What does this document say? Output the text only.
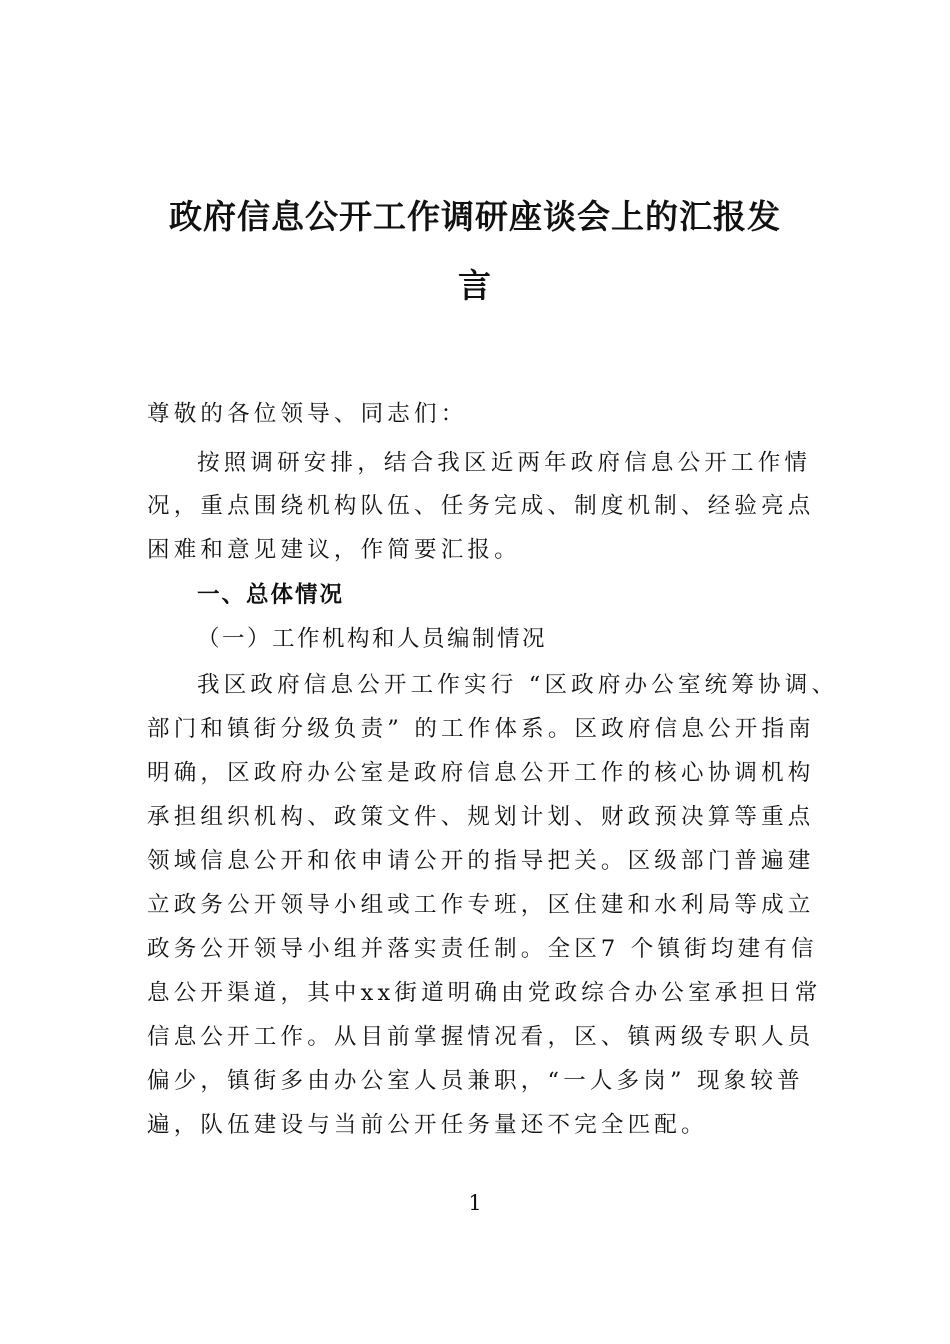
政府信息公开工作调研座谈会上的汇报发
言
尊敬的各位领导、同志们：
按照调研安排，结合我区近两年政府信息公开工作情
况，重点围绕机构队伍、任务完成、制度机制、经验亮点
困难和意见建议，作简要汇报。
一、总体情况
（一）工作机构和人员编制情况
我区政府信息公开工作实行 “区政府办公室统筹协调、
部门和镇街分级负责” 的工作体系。区政府信息公开指南
明确，区政府办公室是政府信息公开工作的核心协调机构
承担组织机构、政策文件、规划计划、财政预决算等重点
领域信息公开和依申请公开的指导把关。区级部门普遍建
立政务公开领导小组或工作专班，区住建和水利局等成立
政务公开领导小组并落实责任制。全区7 个镇街均建有信
息公开渠道，其中xx街道明确由党政综合办公室承担日常
信息公开工作。从目前掌握情况看，区、镇两级专职人员
偏少，镇街多由办公室人员兼职，“一人多岗” 现象较普
遍，队伍建设与当前公开任务量还不完全匹配。
1
